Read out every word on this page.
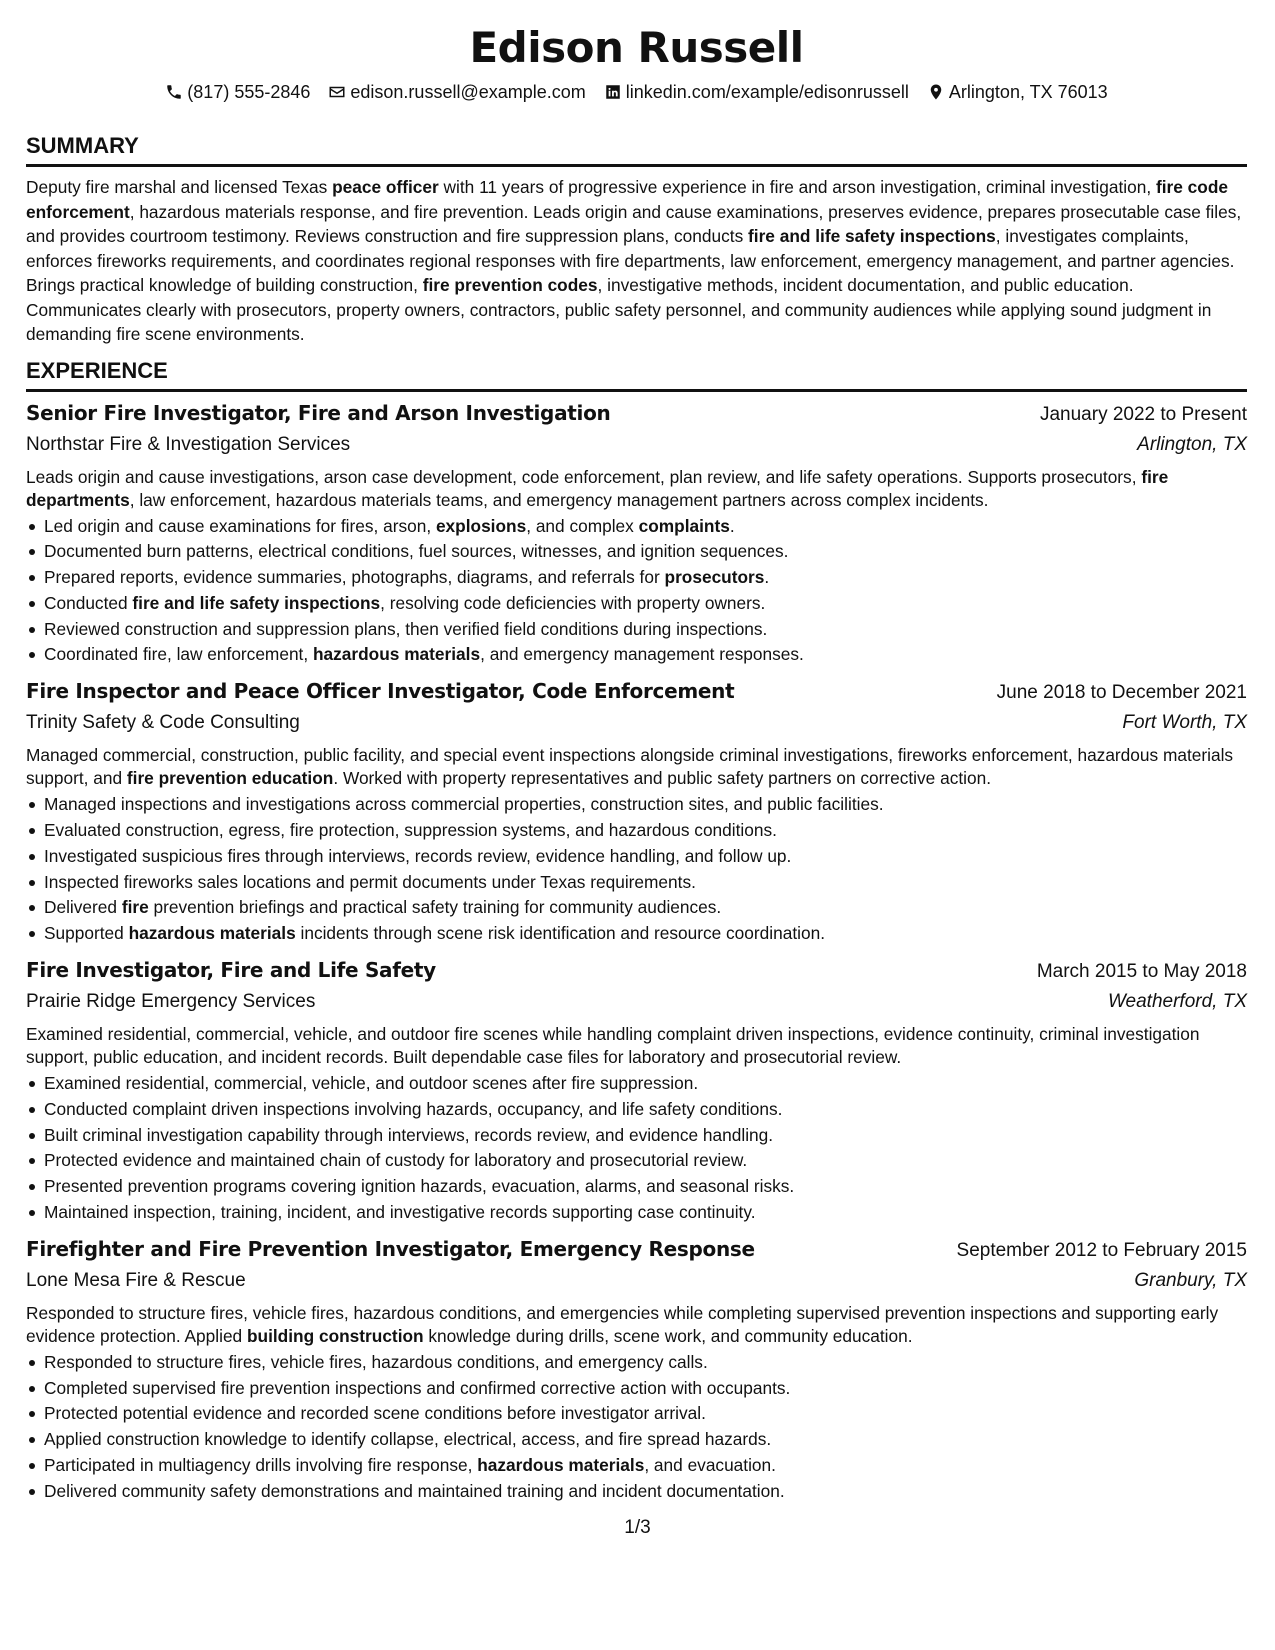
Edison Russell
(817) 555-2846 edison.russell@example.com linkedin.com/example/edisonrussell Arlington, TX 76013
SUMMARY
Deputy fire marshal and licensed Texas peace officer with 11 years of progressive experience in fire and arson investigation, criminal investigation, fire code enforcement, hazardous materials response, and fire prevention. Leads origin and cause examinations, preserves evidence, prepares prosecutable case files, and provides courtroom testimony. Reviews construction and fire suppression plans, conducts fire and life safety inspections, investigates complaints, enforces fireworks requirements, and coordinates regional responses with fire departments, law enforcement, emergency management, and partner agencies. Brings practical knowledge of building construction, fire prevention codes, investigative methods, incident documentation, and public education. Communicates clearly with prosecutors, property owners, contractors, public safety personnel, and community audiences while applying sound judgment in demanding fire scene environments.
EXPERIENCE
Senior Fire Investigator, Fire and Arson Investigation	January 2022 to Present
Northstar Fire & Investigation Services	Arlington, TX
Leads origin and cause investigations, arson case development, code enforcement, plan review, and life safety operations. Supports prosecutors, fire departments, law enforcement, hazardous materials teams, and emergency management partners across complex incidents.
Led origin and cause examinations for fires, arson, explosions, and complex complaints.
Documented burn patterns, electrical conditions, fuel sources, witnesses, and ignition sequences.
Prepared reports, evidence summaries, photographs, diagrams, and referrals for prosecutors.
Conducted fire and life safety inspections, resolving code deficiencies with property owners.
Reviewed construction and suppression plans, then verified field conditions during inspections.
Coordinated fire, law enforcement, hazardous materials, and emergency management responses.
Fire Inspector and Peace Officer Investigator, Code Enforcement	June 2018 to December 2021
Trinity Safety & Code Consulting	Fort Worth, TX
Managed commercial, construction, public facility, and special event inspections alongside criminal investigations, fireworks enforcement, hazardous materials support, and fire prevention education. Worked with property representatives and public safety partners on corrective action.
Managed inspections and investigations across commercial properties, construction sites, and public facilities.
Evaluated construction, egress, fire protection, suppression systems, and hazardous conditions.
Investigated suspicious fires through interviews, records review, evidence handling, and follow up.
Inspected fireworks sales locations and permit documents under Texas requirements.
Delivered fire prevention briefings and practical safety training for community audiences.
Supported hazardous materials incidents through scene risk identification and resource coordination.
Fire Investigator, Fire and Life Safety	March 2015 to May 2018
Prairie Ridge Emergency Services	Weatherford, TX
Examined residential, commercial, vehicle, and outdoor fire scenes while handling complaint driven inspections, evidence continuity, criminal investigation support, public education, and incident records. Built dependable case files for laboratory and prosecutorial review.
Examined residential, commercial, vehicle, and outdoor scenes after fire suppression.
Conducted complaint driven inspections involving hazards, occupancy, and life safety conditions.
Built criminal investigation capability through interviews, records review, and evidence handling.
Protected evidence and maintained chain of custody for laboratory and prosecutorial review.
Presented prevention programs covering ignition hazards, evacuation, alarms, and seasonal risks.
Maintained inspection, training, incident, and investigative records supporting case continuity.
Firefighter and Fire Prevention Investigator, Emergency Response	September 2012 to February 2015
Lone Mesa Fire & Rescue	Granbury, TX
Responded to structure fires, vehicle fires, hazardous conditions, and emergencies while completing supervised prevention inspections and supporting early evidence protection. Applied building construction knowledge during drills, scene work, and community education.
Responded to structure fires, vehicle fires, hazardous conditions, and emergency calls.
Completed supervised fire prevention inspections and confirmed corrective action with occupants.
Protected potential evidence and recorded scene conditions before investigator arrival.
Applied construction knowledge to identify collapse, electrical, access, and fire spread hazards.
Participated in multiagency drills involving fire response, hazardous materials, and evacuation.
Delivered community safety demonstrations and maintained training and incident documentation.
1/3
